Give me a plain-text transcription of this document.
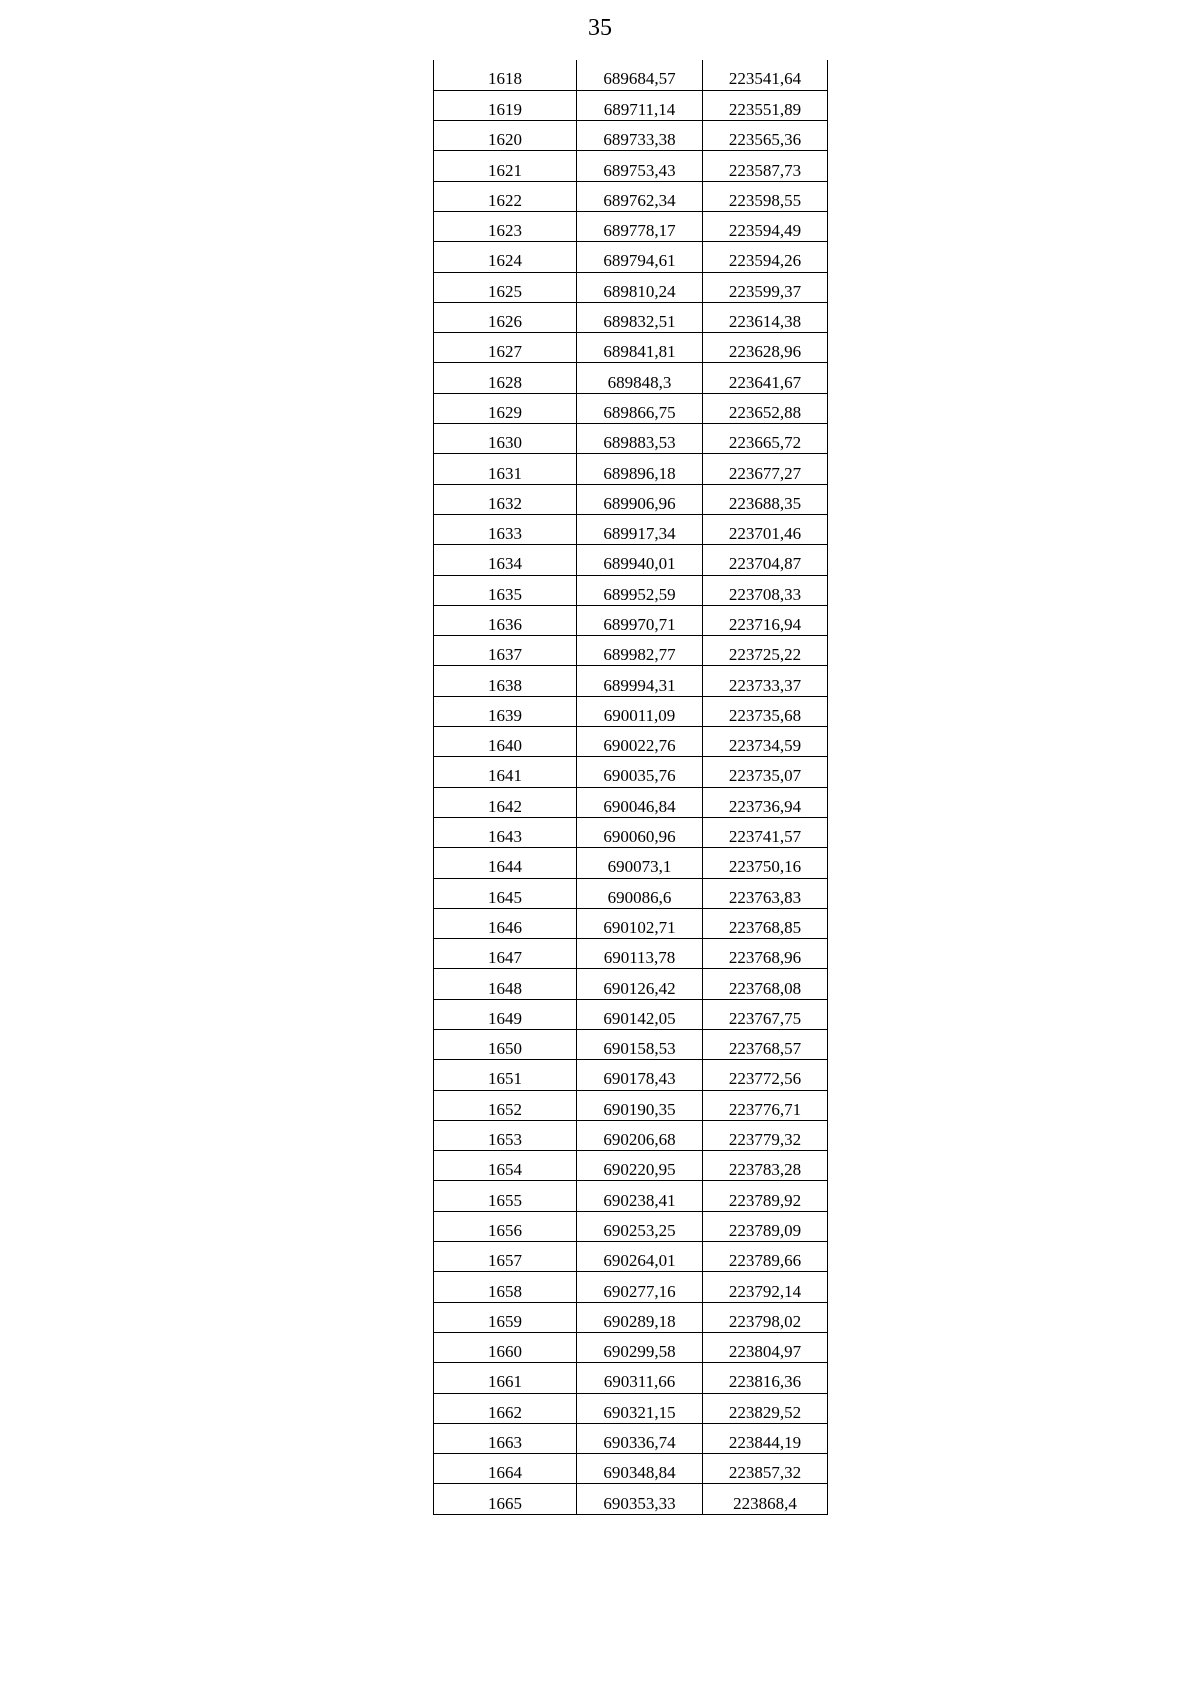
35
1618	689684,57	223541,64
1619	689711,14	223551,89
1620	689733,38	223565,36
1621	689753,43	223587,73
1622	689762,34	223598,55
1623	689778,17	223594,49
1624	689794,61	223594,26
1625	689810,24	223599,37
1626	689832,51	223614,38
1627	689841,81	223628,96
1628	689848,3	223641,67
1629	689866,75	223652,88
1630	689883,53	223665,72
1631	689896,18	223677,27
1632	689906,96	223688,35
1633	689917,34	223701,46
1634	689940,01	223704,87
1635	689952,59	223708,33
1636	689970,71	223716,94
1637	689982,77	223725,22
1638	689994,31	223733,37
1639	690011,09	223735,68
1640	690022,76	223734,59
1641	690035,76	223735,07
1642	690046,84	223736,94
1643	690060,96	223741,57
1644	690073,1	223750,16
1645	690086,6	223763,83
1646	690102,71	223768,85
1647	690113,78	223768,96
1648	690126,42	223768,08
1649	690142,05	223767,75
1650	690158,53	223768,57
1651	690178,43	223772,56
1652	690190,35	223776,71
1653	690206,68	223779,32
1654	690220,95	223783,28
1655	690238,41	223789,92
1656	690253,25	223789,09
1657	690264,01	223789,66
1658	690277,16	223792,14
1659	690289,18	223798,02
1660	690299,58	223804,97
1661	690311,66	223816,36
1662	690321,15	223829,52
1663	690336,74	223844,19
1664	690348,84	223857,32
1665	690353,33	223868,4
